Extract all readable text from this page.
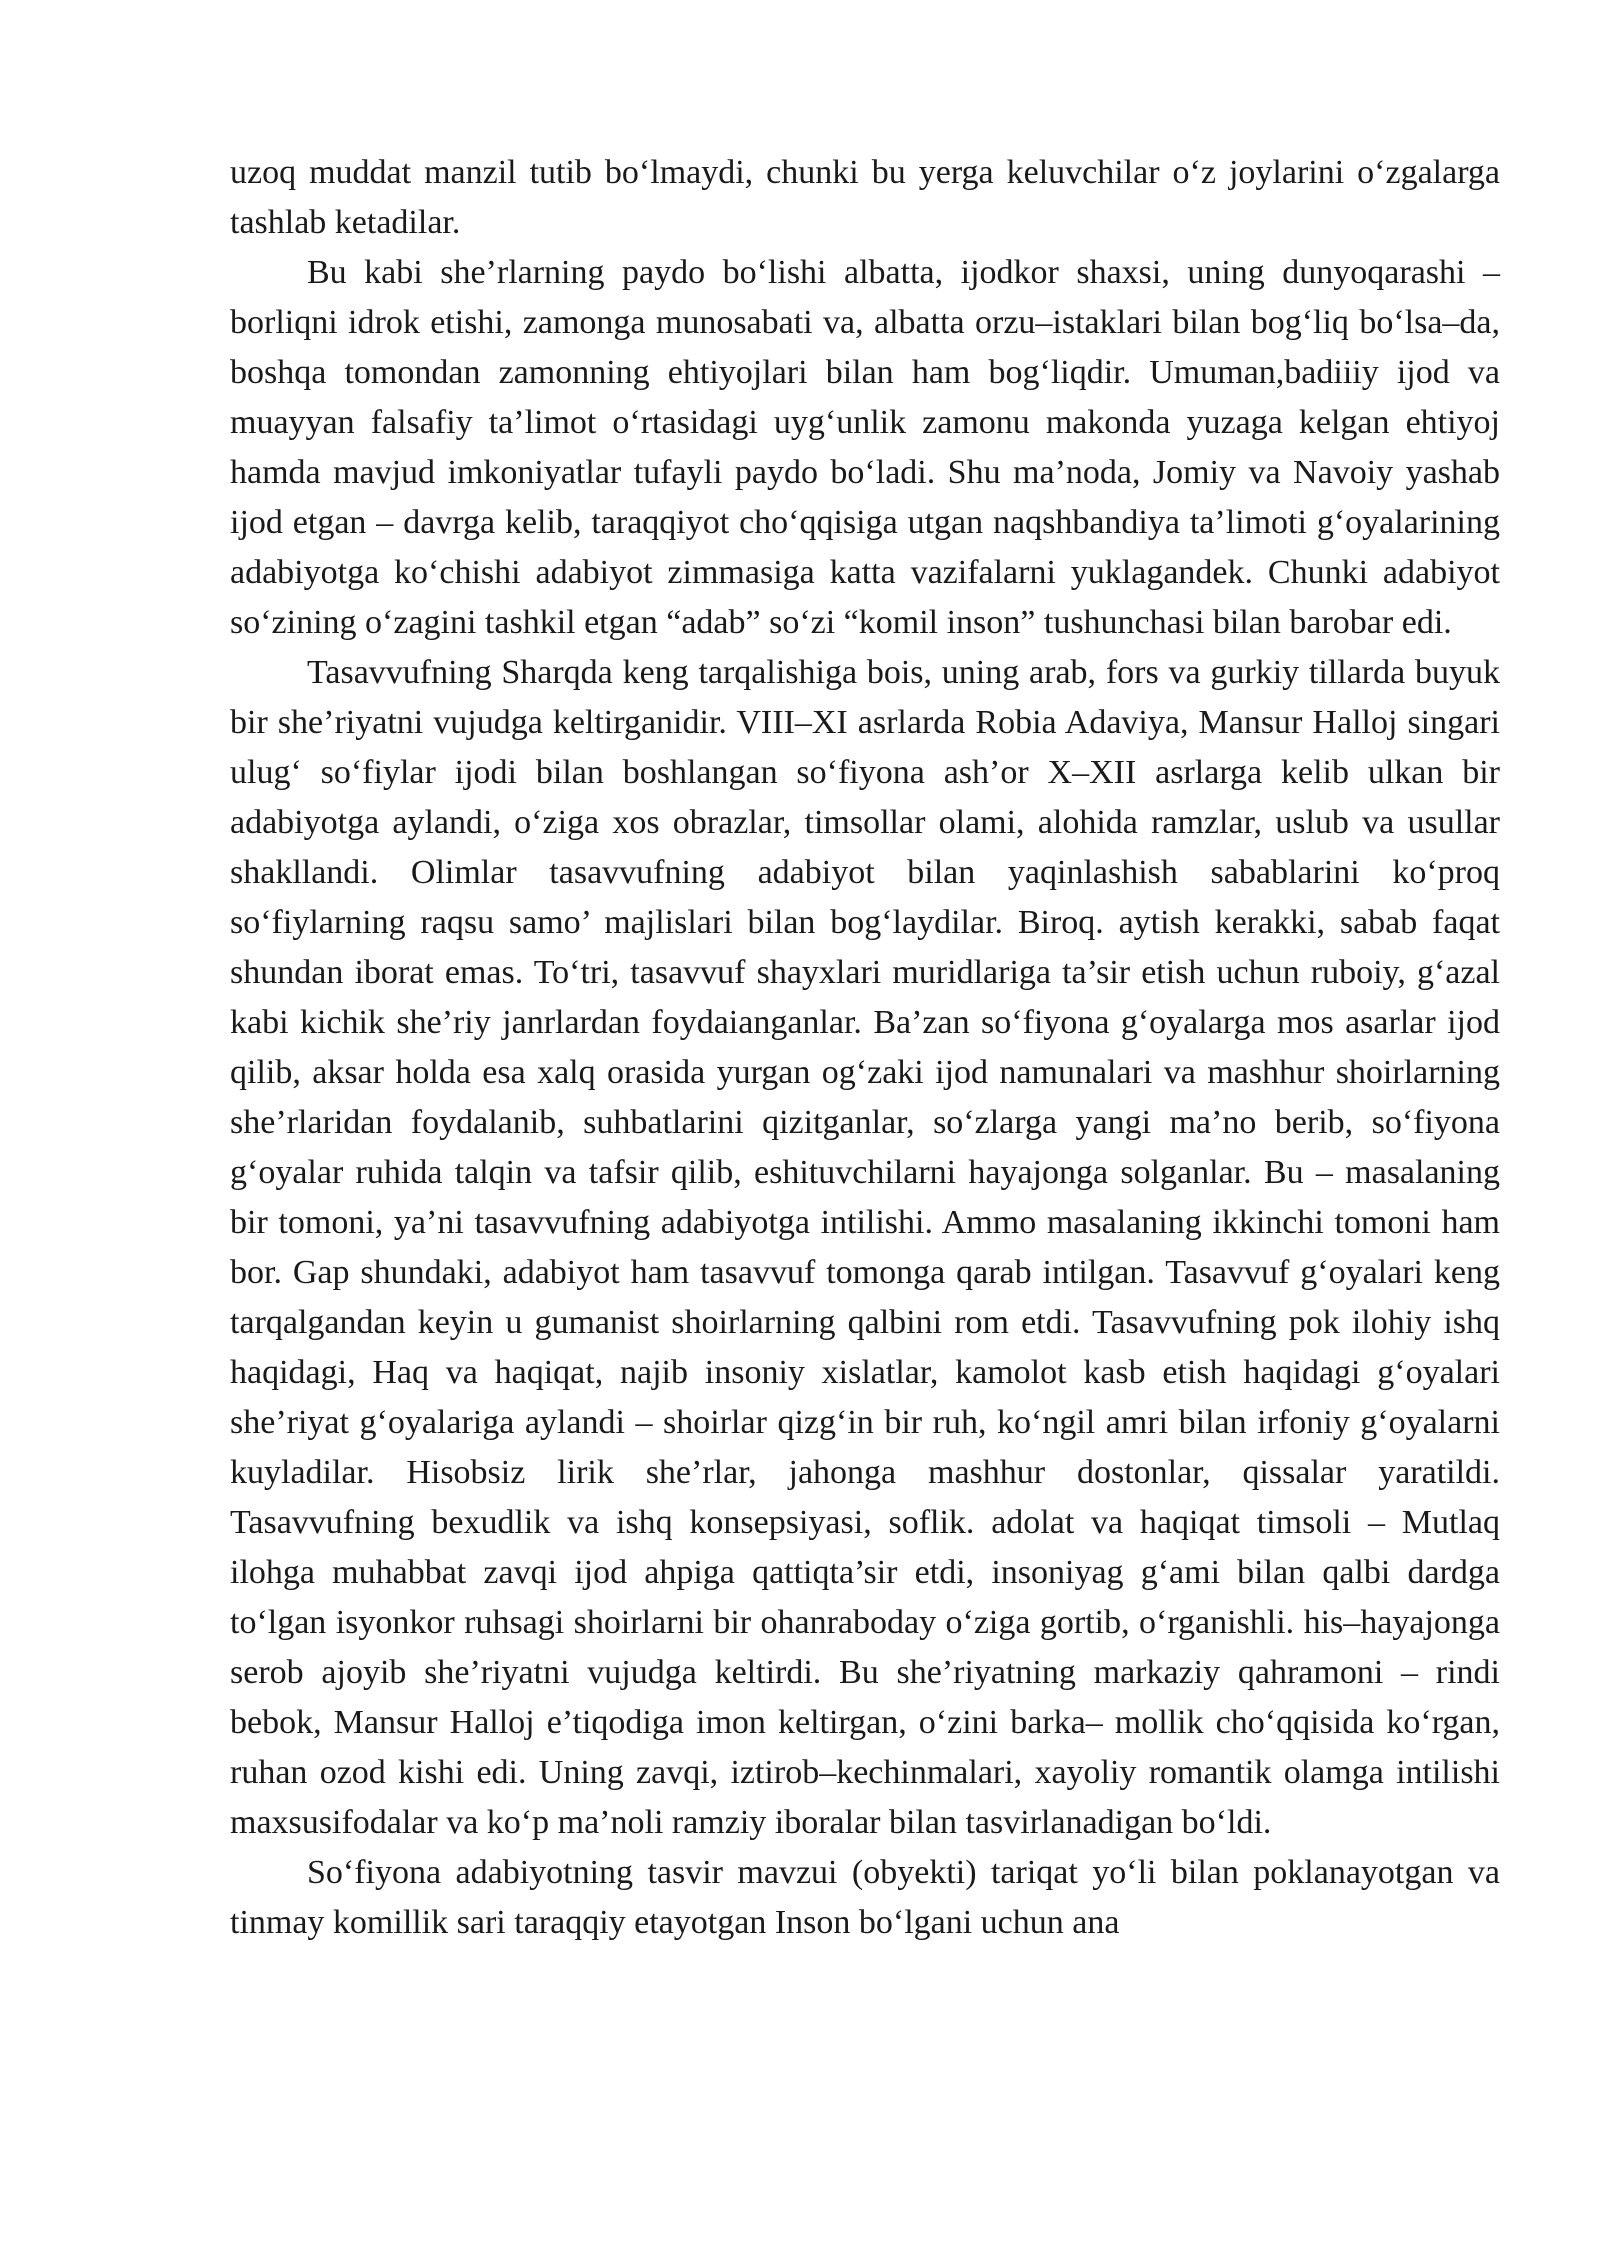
uzoq muddat manzil tutib bo‘lmaydi, chunki bu yerga keluvchilar o‘z joylarini o‘zgalarga tashlab ketadilar.

Bu kabi she’rlarning paydo bo‘lishi albatta, ijodkor shaxsi, uning dunyoqarashi – borliqni idrok etishi, zamonga munosabati va, albatta orzu–istaklari bilan bog‘liq bo‘lsa–da, boshqa tomondan zamonning ehtiyojlari bilan ham bog‘liqdir. Umuman,badiiiy ijod va muayyan falsafiy ta’limot o‘rtasidagi uyg‘unlik zamonu makonda yuzaga kelgan ehtiyoj hamda mavjud imkoniyatlar tufayli paydo bo‘ladi. Shu ma’noda, Jomiy va Navoiy yashab ijod etgan – davrga kelib, taraqqiyot cho‘qqisiga utgan naqshbandiya ta’limoti g‘oyalarining adabiyotga ko‘chishi adabiyot zimmasiga katta vazifalarni yuklagandek. Chunki adabiyot so‘zining o‘zagini tashkil etgan “adab” so‘zi “komil inson” tushunchasi bilan barobar edi.

Tasavvufning Sharqda keng tarqalishiga bois, uning arab, fors va gurkiy tillarda buyuk bir she’riyatni vujudga keltirganidir. VIII–XI asrlarda Robia Adaviya, Mansur Halloj singari ulug‘ so‘fiylar ijodi bilan boshlangan so‘fiyona ash’or X–XII asrlarga kelib ulkan bir adabiyotga aylandi, o‘ziga xos obrazlar, timsollar olami, alohida ramzlar, uslub va usullar shakllandi. Olimlar tasavvufning adabiyot bilan yaqinlashish sabablarini ko‘proq so‘fiylarning raqsu samo’ majlislari bilan bog‘laydilar. Biroq. aytish kerakki, sabab faqat shundan iborat emas. To‘tri, tasavvuf shayxlari muridlariga ta’sir etish uchun ruboiy, g‘azal kabi kichik she’riy janrlardan foydaianganlar. Ba’zan so‘fiyona g‘oyalarga mos asarlar ijod qilib, aksar holda esa xalq orasida yurgan og‘zaki ijod namunalari va mashhur shoirlarning she’rlaridan foydalanib, suhbatlarini qizitganlar, so‘zlarga yangi ma’no berib, so‘fiyona g‘oyalar ruhida talqin va tafsir qilib, eshituvchilarni hayajonga solganlar. Bu – masalaning bir tomoni, ya’ni tasavvufning adabiyotga intilishi. Ammo masalaning ikkinchi tomoni ham bor. Gap shundaki, adabiyot ham tasavvuf tomonga qarab intilgan. Tasavvuf g‘oyalari keng tarqalgandan keyin u gumanist shoirlarning qalbini rom etdi. Tasavvufning pok ilohiy ishq haqidagi, Haq va haqiqat, najib insoniy xislatlar, kamolot kasb etish haqidagi g‘oyalari she’riyat g‘oyalariga aylandi – shoirlar qizg‘in bir ruh, ko‘ngil amri bilan irfoniy g‘oyalarni kuyladilar. Hisobsiz lirik she’rlar, jahonga mashhur dostonlar, qissalar yaratildi. Tasavvufning bexudlik va ishq konsepsiyasi, soflik. adolat va haqiqat timsoli – Mutlaq ilohga muhabbat zavqi ijod ahpiga qattiqta’sir etdi, insoniyag g‘ami bilan qalbi dardga to‘lgan isyonkor ruhsagi shoirlarni bir ohanraboday o‘ziga gortib, o‘rganishli. his–hayajonga serob ajoyib she’riyatni vujudga keltirdi. Bu she’riyatning markaziy qahramoni – rindi bebok, Mansur Halloj e’tiqodiga imon keltirgan, o‘zini barka– mollik cho‘qqisida ko‘rgan, ruhan ozod kishi edi. Uning zavqi, iztirob–kechinmalari, xayoliy romantik olamga intilishi maxsusifodalar va ko‘p ma’noli ramziy iboralar bilan tasvirlanadigan bo‘ldi.

So‘fiyona adabiyotning tasvir mavzui (obyekti) tariqat yo‘li bilan poklanayotgan va tinmay komillik sari taraqqiy etayotgan Inson bo‘lgani uchun ana
